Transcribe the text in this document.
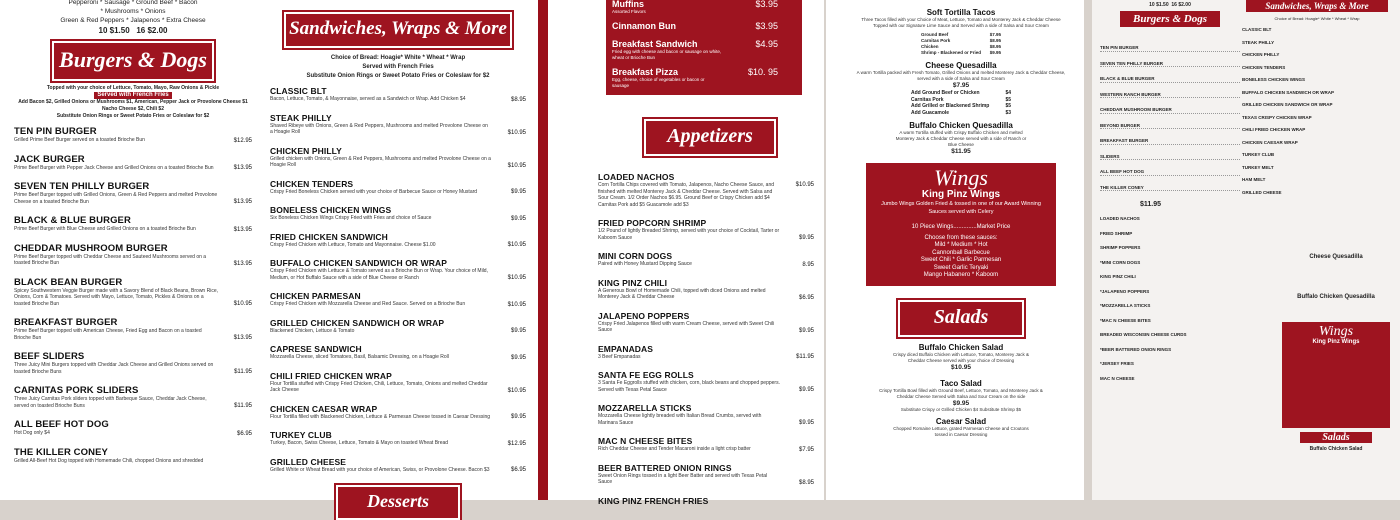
Pepperoni * Sausage * Ground Beef * Bacon
* Mushrooms * Onions
Green & Red Peppers * Jalapenos * Extra Cheese
10 $1.50 16 $2.00
Burgers & Dogs
Topped with your choice of Lettuce, Tomato, Mayo, Raw Onions & Pickle
Served with French Fries
Add Bacon $2, Grilled Onions or Mushrooms $1, American, Pepper Jack or Provolone Cheese $1
Nacho Cheese $2, Chili $2
Substitute Onion Rings or Sweet Potato Fries or Coleslaw for $2
TEN PIN BURGER
Grilled Prime Beef Burger served on a toasted Brioche Bun	$12.95
JACK BURGER
Prime Beef Burger with Pepper Jack Cheese and Grilled Onions on a toasted Brioche Bun	$13.95
SEVEN TEN PHILLY BURGER
Prime Beef Burger topped with Grilled Onions, Green & Red Peppers and melted Provolone Cheese on a toasted Brioche Bun	$13.95
BLACK & BLUE BURGER
Prime Beef Burger with Blue Cheese and Grilled Onions on a toasted Brioche Bun	$13.95
CHEDDAR MUSHROOM BURGER
Prime Beef Burger topped with Cheddar Cheese and Sauteed Mushrooms served on a toasted Brioche Bun	$13.95
BLACK BEAN BURGER
Spicey Southwestern Veggie Burger made with a Savory Blend of Black Beans, Brown Rice, Onions, Corn & Tomatoes. Served with Mayo, Lettuce, Tomato, Pickles & Onions on a toasted Brioche Bun	$10.95
BREAKFAST BURGER
Prime Beef Burger topped with American Cheese, Fried Egg and Bacon on a toasted Brioche Bun	$13.95
BEEF SLIDERS
Three Juicy Mini Burgers topped with Cheddar Jack Cheese and Grilled Onions served on toasted Brioche Buns	$11.95
CARNITAS PORK SLIDERS
Three Juicy Carnitas Pork sliders topped with Barbeque Sauce, Cheddar Jack Cheese, served on toasted Brioche Buns	$11.95
ALL BEEF HOT DOG
Hot Dog only $4	$6.95
THE KILLER CONEY
Grilled All-Beef Hot Dog topped with Homemade Chili, chopped Onions and shredded
Sandwiches, Wraps & More
Choice of Bread: Hoagie* White * Wheat * Wrap
Served with French Fries
Substitute Onion Rings or Sweet Potato Fries or Coleslaw for $2
CLASSIC BLT
Bacon, Lettuce, Tomato, & Mayonnaise, served as a Sandwich or Wrap. Add Chicken $4	$8.95
STEAK PHILLY
Shaved Ribeye with Onions, Green & Red Peppers, Mushrooms and melted Provolone Cheese on a Hoagie Roll	$10.95
CHICKEN PHILLY
Grilled chicken with Onions, Green & Red Peppers, Mushrooms and melted Provolone Cheese on a Hoagie Roll	$10.95
CHICKEN TENDERS
Crispy Fried Boneless Chicken served with your choice of Barbecue Sauce or Honey Mustard	$9.95
BONELESS CHICKEN WINGS
Six Boneless Chicken Wings Crispy Fried with Fries and choice of Sauce	$9.95
FRIED CHICKEN SANDWICH
Crispy Fried Chicken with Lettuce, Tomato and Mayonnaise. Cheese $1.00	$10.95
BUFFALO CHICKEN SANDWICH OR WRAP
Crispy Fried Chicken with Lettuce & Tomato served as a Brioche Bun or Wrap. Your choice of Mild, Medium, or Hot Buffalo Sauce with a side of Blue Cheese or Ranch	$10.95
CHICKEN PARMESAN
Crispy Fried Chicken with Mozzarella Cheese and Red Sauce. Served on a Brioche Bun	$10.95
GRILLED CHICKEN SANDWICH OR WRAP
Blackened Chicken, Lettuce & Tomato	$9.95
CAPRESE SANDWICH
Mozzarella Cheese, sliced Tomatoes, Basil, Balsamic Dressing, on a Hoagie Roll	$9.95
CHILI FRIED CHICKEN WRAP
Flour Tortilla stuffed with Crispy Fried Chicken, Chili, Lettuce, Tomato, Onions and melted Cheddar Jack Cheese	$10.95
CHICKEN CAESAR WRAP
Flour Tortilla filled with Blackened Chicken, Lettuce & Parmesan Cheese tossed in Caesar Dressing	$9.95
TURKEY CLUB
Turkey, Bacon, Swiss Cheese, Lettuce, Tomato & Mayo on toasted Wheat Bread	$12.95
GRILLED CHEESE
Grilled White or Wheat Bread with your choice of American, Swiss, or Provolone Cheese. Bacon $3	$6.95
Desserts
Muffins	$3.95
Assorted Flavors
Cinnamon Bun	$3.95
Breakfast Sandwich	$4.95
Fried egg with cheese and bacon or sausage on white, wheat or Brioche Bun
Breakfast Pizza	$10. 95
Egg, cheese, choice of vegetables or bacon or sausage
Appetizers
LOADED NACHOS
Corn Tortilla Chips covered with Tomato, Jalapenos, Nacho Cheese Sauce, and finished with melted Monterey Jack & Cheddar Cheese. Served with Salsa and Sour Cream. 1/2 Order Nachos $6.95. Ground Beef or Crispy Chicken add $4 Carnitas Pork add $5 Guacamole add $3
$10.95
FRIED POPCORN SHRIMP
1/2 Pound of lightly Breaded Shrimp, served with your choice of Cocktail, Tarter or Kaboom Sauce	$9.95
MINI CORN DOGS
Paired with Honey Mustard Dipping Sauce	8.95
KING PINZ CHILI
A Generous Bowl of Homemade Chili, topped with diced Onions and melted Monterey Jack & Cheddar Cheese	$6.95
JALAPENO POPPERS
Crispy Fried Jalapenos filled with warm Cream Cheese, served with Sweet Chili Sauce	$9.95
EMPANADAS
3 Beef Empanadas	$11.95
SANTA FE EGG ROLLS
3 Santa Fe Eggrolls stuffed with chicken, corn, black beans and chopped peppers. Served with Texas Petal Sauce	$9.95
MOZZARELLA STICKS
Mozzarella Cheese lightly breaded with Italian Bread Crumbs, served with Marinara Sauce	$9.95
MAC N CHEESE BITES
Rich Cheddar Cheese and Tender Macaroni inside a light crisp batter	$7.95
BEER BATTERED ONION RINGS
Sweet Onion Rings tossed in a light Beer Batter and served with Texas Petal Sauce	$8.95
KING PINZ FRENCH FRIES
Soft Tortilla Tacos
Three Tacos filled with your Choice of Meat, Lettuce, Tomato and Monterey Jack & Cheddar Cheese Topped with our Signature Lime Sauce and Served with a side of Salsa and Sour Cream
Ground Beef	$7.95
Carnitas Pork	$8.95
Chicken	$8.95
Shrimp - Blackened or Fried $9.95
Cheese Quesadilla
A warm Tortilla packed with Fresh Tomato, Grilled Onions and melted Monterey Jack & Cheddar Cheese, served with a side of Salsa and Sour Cream
$7.95
Add Ground Beef or Chicken	$4
Carnitas Pork	$5
Add Grilled or Blackened Shrimp	$5
Add Guacamole	$3
Buffalo Chicken Quesadilla
A warm Tortilla stuffed with Crispy Buffalo Chicken and melted Monterey Jack & Cheddar Cheese served with a side of Ranch or Blue Cheese
$11.95
Wings
King Pinz Wings
Jumbo Wings Golden Fried & tossed in one of our Award Winning Sauces served with Celery
10 Piece Wings..............Market Price
Choose from these sauces:
Mild * Medium * Hot
Cannonball Barbecue
Sweet Chili * Garlic Parmesan
Sweet Garlic Teryaki
Mango Habanero * Kaboom
Salads
Buffalo Chicken Salad
Crispy diced Buffalo Chicken with Lettuce, Tomato, Monterey Jack & Cheddar Cheese served with your choice of Dressing
$10.95
Taco Salad
Crispy Tortilla Bowl filled with Ground Beef, Lettuce, Tomato, and Monterey Jack & Cheddar Cheese Served with Salsa and Sour Cream on the side
$9.95
Substitute Crispy or Grilled Chicken $4 Substitute Shrimp $5
Caesar Salad
Chopped Romaine Lettuce, grated Parmesan Cheese and Croutons tossed in Caesar Dressing
10 $1.50 16 $2.00
Burgers & Dogs
TEN PIN BURGER
SEVEN TEN PHILLY BURGER
BLACK & BLUE BURGER
WESTERN RANCH BURGER
CHEDDAR MUSHROOM BURGER
BEYOND BURGER
BREAKFAST BURGER
SLIDERS
ALL BEEF HOT DOG
THE KILLER CONEY
$11.95
LOADED NACHOS
FRIED SHRIMP
SHRIMP POPPERS
*MINI CORN DOGS
KING PINZ CHILI
*JALAPENO POPPERS
*MOZZARELLA STICKS
*MAC N CHEESE BITES
BREADED WISCONSIN CHEESE CURDS
*BEER BATTERED ONION RINGS
*JERSEY FRIES
MAC N CHEESE
Sandwiches, Wraps & More
Choice of Bread: Hoagie* White * Wheat * Wrap
CLASSIC BLT
STEAK PHILLY
CHICKEN PHILLY
CHICKEN TENDERS
BONELESS CHICKEN WINGS
BUFFALO CHICKEN SANDWICH OR WRAP
GRILLED CHICKEN SANDWICH OR WRAP
TEXAS CRISPY CHICKEN WRAP
CHILI FRIED CHICKEN WRAP
CHICKEN CAESAR WRAP
TURKEY CLUB
TURKEY MELT
HAM MELT
GRILLED CHEESE
Cheese Quesadilla
Buffalo Chicken Quesadilla
Wings
King Pinz Wings
Salads
Buffalo Chicken Salad
